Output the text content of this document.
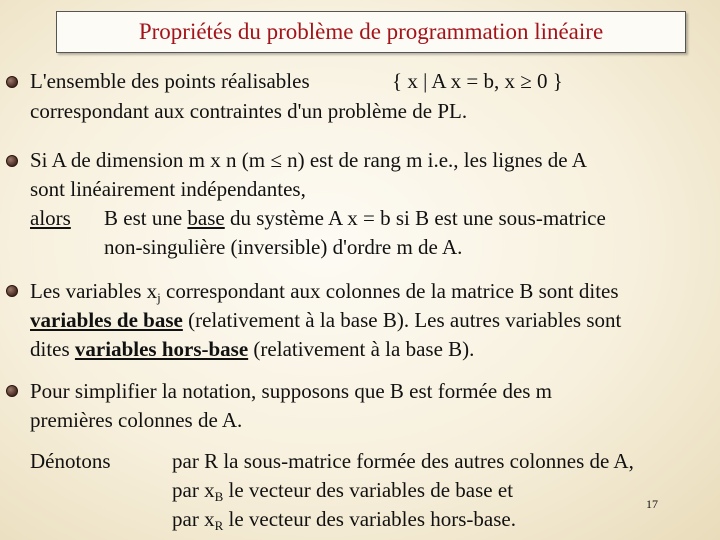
Propriétés du problème de programmation linéaire
L'ensemble des points réalisables	{ x | A x = b, x ≥ 0 }
correspondant aux contraintes d'un problème de PL.
Si A de dimension m x n (m ≤ n) est de rang m i.e., les lignes de A
sont linéairement indépendantes,
alors B est une base du système A x = b si B est une sous-matrice
non-singulière (inversible) d'ordre m de A.
Les variables $x_j$ correspondant aux colonnes de la matrice B sont dites
variables de base (relativement à la base B). Les autres variables sont
dites variables hors-base (relativement à la base B).
Pour simplifier la notation, supposons que B est formée des m
premières colonnes de A.
Dénotons	par R la sous-matrice formée des autres colonnes de A,
par $x_B$ le vecteur des variables de base et
par $x_R$ le vecteur des variables hors-base.
17
